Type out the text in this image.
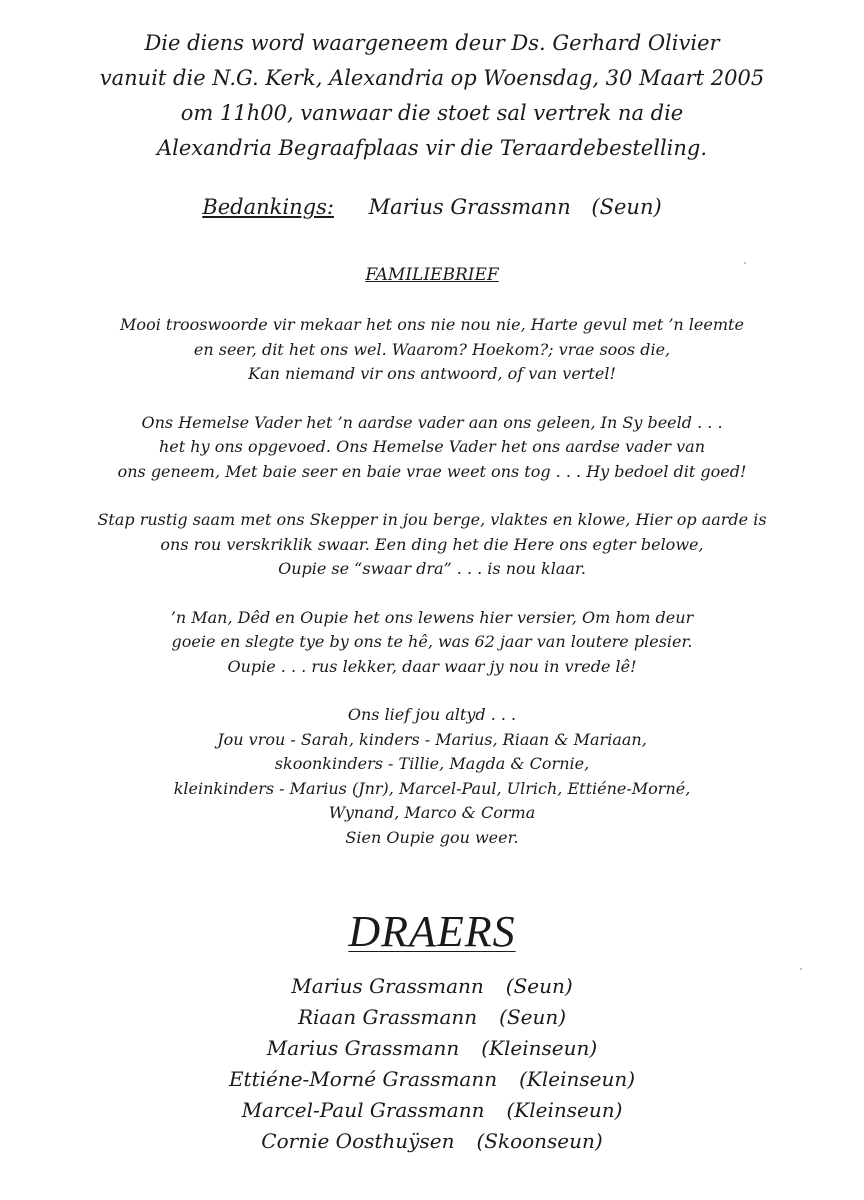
Die diens word waargeneem deur Ds. Gerhard Olivier
vanuit die N.G. Kerk, Alexandria op Woensdag, 30 Maart 2005
om 11h00, vanwaar die stoet sal vertrek na die
Alexandria Begraafplaas vir die Teraardebestelling.
Bedankings: Marius Grassmann (Seun)
FAMILIEBRIEF
Mooi trooswoorde vir mekaar het ons nie nou nie, Harte gevul met ’n leemte
en seer, dit het ons wel. Waarom? Hoekom?; vrae soos die,
Kan niemand vir ons antwoord, of van vertel!
Ons Hemelse Vader het ’n aardse vader aan ons geleen, In Sy beeld . . .
het hy ons opgevoed. Ons Hemelse Vader het ons aardse vader van
ons geneem, Met baie seer en baie vrae weet ons tog . . . Hy bedoel dit goed!
Stap rustig saam met ons Skepper in jou berge, vlaktes en klowe, Hier op aarde is
ons rou verskriklik swaar. Een ding het die Here ons egter belowe,
Oupie se “swaar dra” . . . is nou klaar.
’n Man, Dêd en Oupie het ons lewens hier versier, Om hom deur
goeie en slegte tye by ons te hê, was 62 jaar van loutere plesier.
Oupie . . . rus lekker, daar waar jy nou in vrede lê!
Ons lief jou altyd . . .
Jou vrou - Sarah, kinders - Marius, Riaan & Mariaan,
skoonkinders - Tillie, Magda & Cornie,
kleinkinders - Marius (Jnr), Marcel-Paul, Ulrich, Ettiéne-Morné,
Wynand, Marco & Corma
Sien Oupie gou weer.
DRAERS
Marius Grassmann (Seun)
Riaan Grassmann (Seun)
Marius Grassmann (Kleinseun)
Ettiéne-Morné Grassmann (Kleinseun)
Marcel-Paul Grassmann (Kleinseun)
Cornie Oosthuÿsen (Skoonseun)
